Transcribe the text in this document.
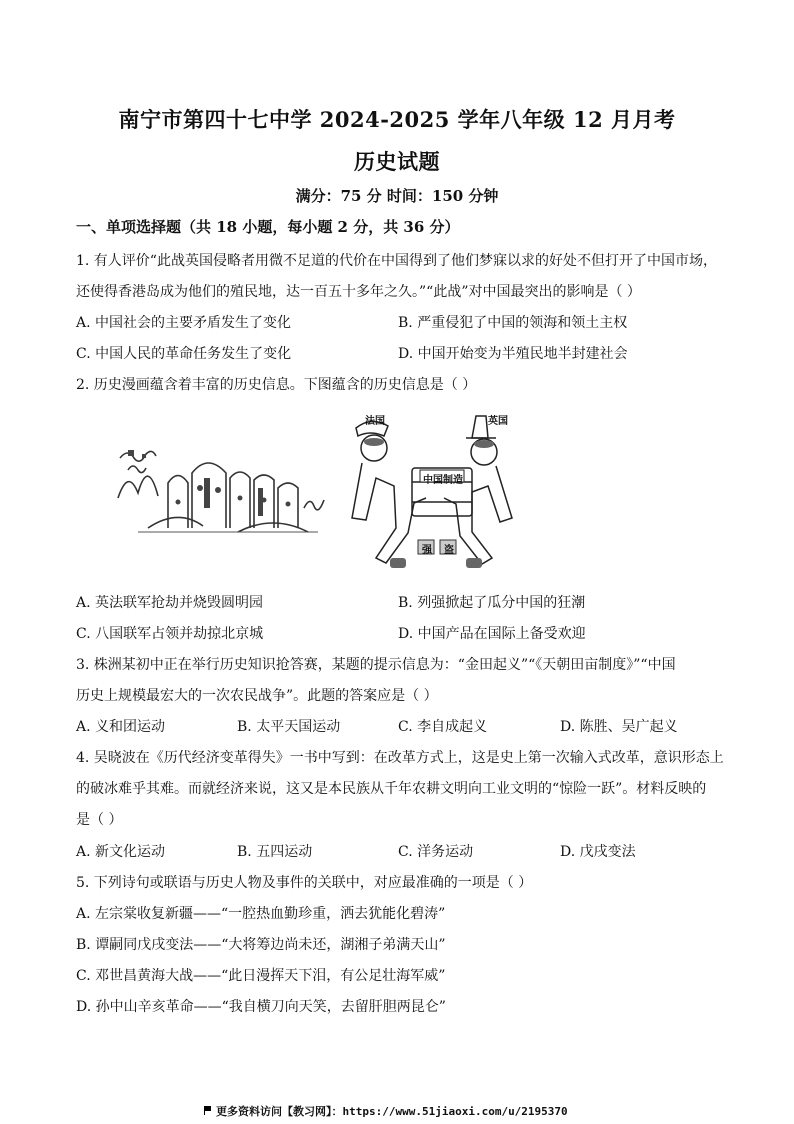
南宁市第四十七中学 2024-2025 学年八年级 12 月月考
历史试题
满分：75 分 时间：150 分钟
一、单项选择题（共 18 小题，每小题 2 分，共 36 分）
1. 有人评价“此战英国侵略者用微不足道的代价在中国得到了他们梦寐以求的好处不但打开了中国市场，
还使得香港岛成为他们的殖民地，达一百五十多年之久。”“此战”对中国最突出的影响是（ ）
A. 中国社会的主要矛盾发生了变化	B. 严重侵犯了中国的领海和领土主权
C. 中国人民的革命任务发生了变化	D. 中国开始变为半殖民地半封建社会
2. 历史漫画蕴含着丰富的历史信息。下图蕴含的历史信息是（ ）
法国	英国
中国制造
强 盗
A. 英法联军抢劫并烧毁圆明园	B. 列强掀起了瓜分中国的狂潮
C. 八国联军占领并劫掠北京城	D. 中国产品在国际上备受欢迎
3. 株洲某初中正在举行历史知识抢答赛，某题的提示信息为：“金田起义”“《天朝田亩制度》”“中国
历史上规模最宏大的一次农民战争”。此题的答案应是（ ）
A. 义和团运动	B. 太平天国运动	C. 李自成起义	D. 陈胜、吴广起义
4. 吴晓波在《历代经济变革得失》一书中写到：在改革方式上，这是史上第一次输入式改革，意识形态上
的破冰难乎其难。而就经济来说，这又是本民族从千年农耕文明向工业文明的“惊险一跃”。材料反映的
是（ ）
A. 新文化运动	B. 五四运动	C. 洋务运动	D. 戊戌变法
5. 下列诗句或联语与历史人物及事件的关联中，对应最准确的一项是（ ）
A. 左宗棠收复新疆——“一腔热血勤珍重，洒去犹能化碧涛”
B. 谭嗣同戊戌变法——“大将筹边尚未还，湖湘子弟满天山”
C. 邓世昌黄海大战——“此日漫挥天下泪，有公足壮海军威”
D. 孙中山辛亥革命——“我自横刀向天笑，去留肝胆两昆仑”
更多资料访问【教习网】：https://www.51jiaoxi.com/u/2195370
